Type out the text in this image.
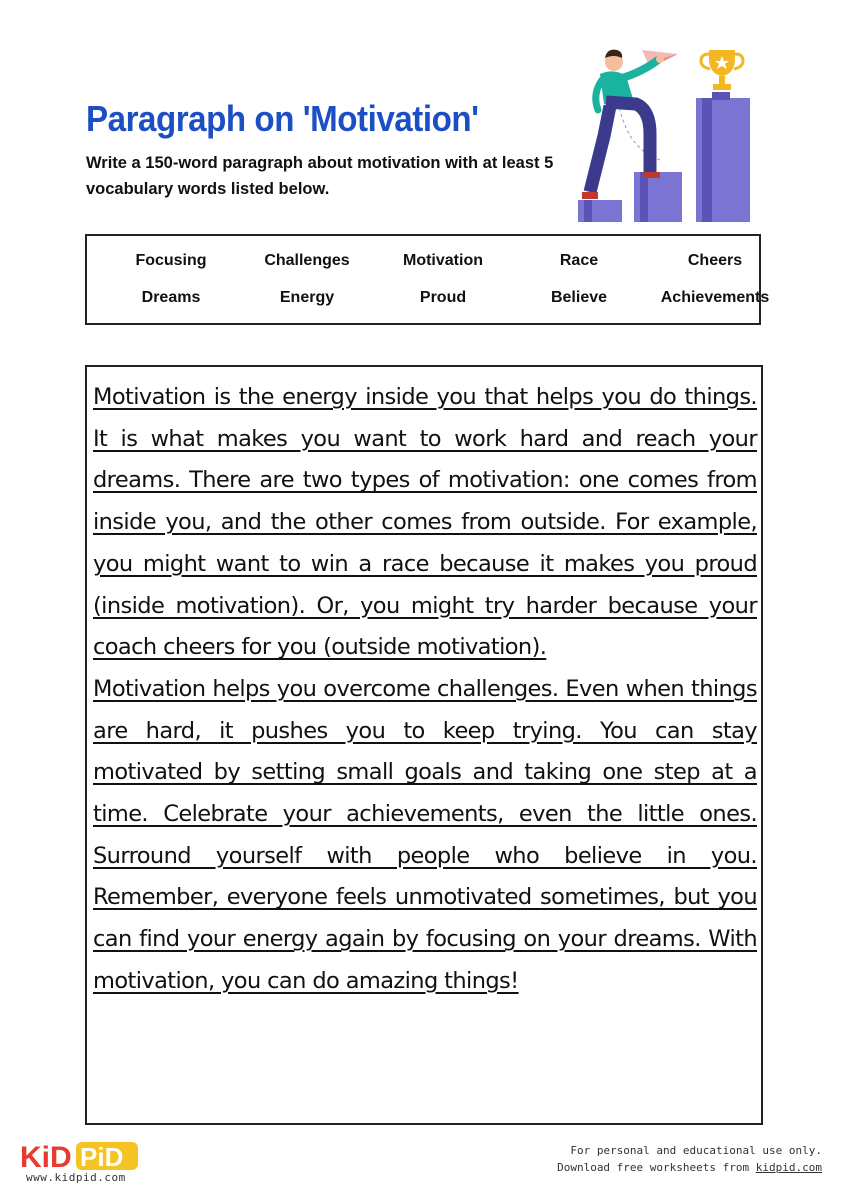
Paragraph on 'Motivation'
Write a 150-word paragraph about motivation with at least 5 vocabulary words listed below.
Focusing	Challenges	Motivation	Race	Cheers
Dreams	Energy	Proud	Believe	Achievements

Motivation is the energy inside you that helps you do things. It is what makes you want to work hard and reach your dreams. There are two types of motivation: one comes from inside you, and the other comes from outside. For example, you might want to win a race because it makes you proud (inside motivation). Or, you might try harder because your coach cheers for you (outside motivation).

Motivation helps you overcome challenges. Even when things are hard, it pushes you to keep trying. You can stay motivated by setting small goals and taking one step at a time. Celebrate your achievements, even the little ones. Surround yourself with people who believe in you. Remember, everyone feels unmotivated sometimes, but you can find your energy again by focusing on your dreams. With motivation, you can do amazing things!

KiD PiD
www.kidpid.com
For personal and educational use only.
Download free worksheets from kidpid.com
